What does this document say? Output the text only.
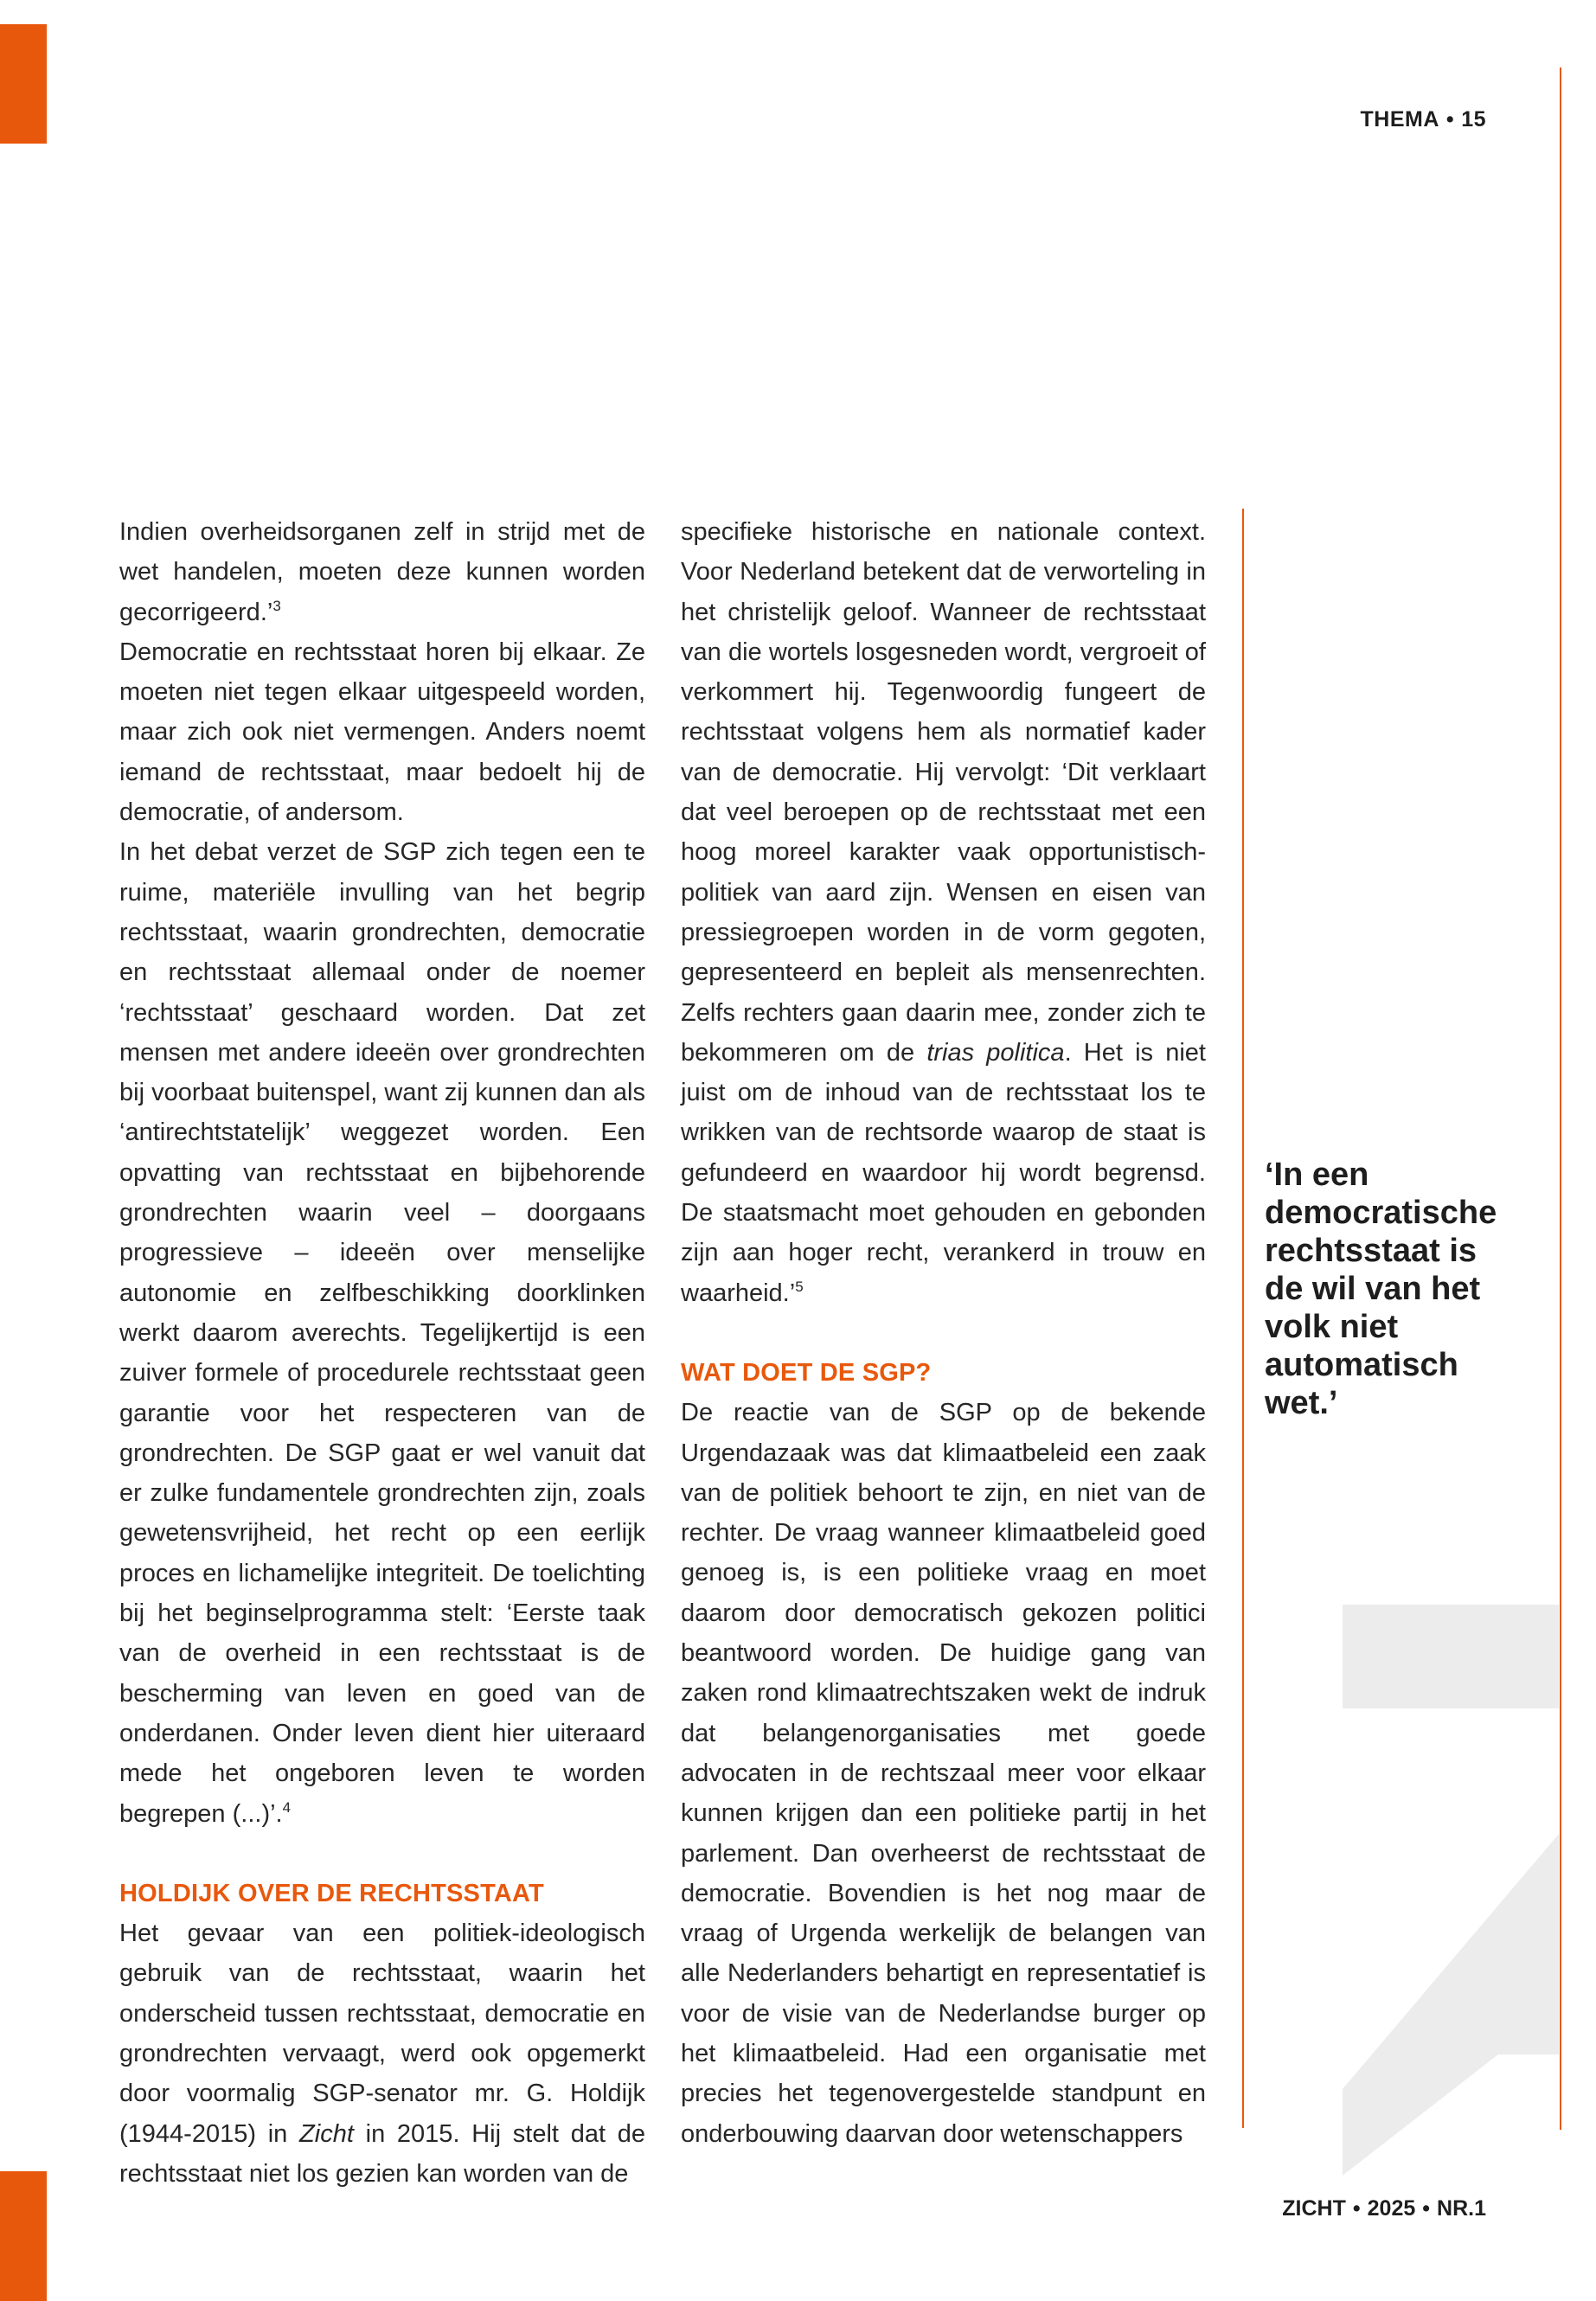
THEMA • 15

Indien overheidsorganen zelf in strijd met de wet handelen, moeten deze kunnen worden gecorrigeerd.’$^3$

Democratie en rechtsstaat horen bij elkaar. Ze moeten niet tegen elkaar uitgespeeld worden, maar zich ook niet vermengen. Anders noemt iemand de rechtsstaat, maar bedoelt hij de democratie, of andersom.

In het debat verzet de SGP zich tegen een te ruime, materiële invulling van het begrip rechtsstaat, waarin grondrechten, democratie en rechtsstaat allemaal onder de noemer ‘rechtsstaat’ geschaard worden. Dat zet mensen met andere ideeën over grondrechten bij voorbaat buitenspel, want zij kunnen dan als ‘antirechtstatelijk’ weggezet worden. Een opvatting van rechtsstaat en bijbehorende grondrechten waarin veel – doorgaans progressieve – ideeën over menselijke autonomie en zelfbeschikking doorklinken werkt daarom averechts. Tegelijkertijd is een zuiver formele of procedurele rechtsstaat geen garantie voor het respecteren van de grondrechten. De SGP gaat er wel vanuit dat er zulke fundamentele grondrechten zijn, zoals gewetensvrijheid, het recht op een eerlijk proces en lichamelijke integriteit. De toelichting bij het beginselprogramma stelt: ‘Eerste taak van de overheid in een rechtsstaat is de bescherming van leven en goed van de onderdanen. Onder leven dient hier uiteraard mede het ongeboren leven te worden begrepen (...)’.$^4$

HOLDIJK OVER DE RECHTSSTAAT

Het gevaar van een politiek-ideologisch gebruik van de rechtsstaat, waarin het onderscheid tussen rechtsstaat, democratie en grondrechten vervaagt, werd ook opgemerkt door voormalig SGP-senator mr. G. Holdijk (1944-2015) in Zicht in 2015. Hij stelt dat de rechtsstaat niet los gezien kan worden van de

specifieke historische en nationale context. Voor Nederland betekent dat de verworteling in het christelijk geloof. Wanneer de rechtsstaat van die wortels losgesneden wordt, vergroeit of verkommert hij. Tegenwoordig fungeert de rechtsstaat volgens hem als normatief kader van de democratie. Hij vervolgt: ‘Dit verklaart dat veel beroepen op de rechtsstaat met een hoog moreel karakter vaak opportunistisch-politiek van aard zijn. Wensen en eisen van pressiegroepen worden in de vorm gegoten, gepresenteerd en bepleit als mensenrechten. Zelfs rechters gaan daarin mee, zonder zich te bekommeren om de trias politica. Het is niet juist om de inhoud van de rechtsstaat los te wrikken van de rechtsorde waarop de staat is gefundeerd en waardoor hij wordt begrensd. De staatsmacht moet gehouden en gebonden zijn aan hoger recht, verankerd in trouw en waarheid.’$^5$

WAT DOET DE SGP?

De reactie van de SGP op de bekende Urgendazaak was dat klimaatbeleid een zaak van de politiek behoort te zijn, en niet van de rechter. De vraag wanneer klimaatbeleid goed genoeg is, is een politieke vraag en moet daarom door democratisch gekozen politici beantwoord worden. De huidige gang van zaken rond klimaatrechtszaken wekt de indruk dat belangenorganisaties met goede advocaten in de rechtszaal meer voor elkaar kunnen krijgen dan een politieke partij in het parlement. Dan overheerst de rechtsstaat de democratie. Bovendien is het nog maar de vraag of Urgenda werkelijk de belangen van alle Nederlanders behartigt en representatief is voor de visie van de Nederlandse burger op het klimaatbeleid. Had een organisatie met precies het tegenovergestelde standpunt en onderbouwing daarvan door wetenschappers

‘In een democratische rechtsstaat is de wil van het volk niet automatisch wet.’
ZICHT • 2025 • NR.1
